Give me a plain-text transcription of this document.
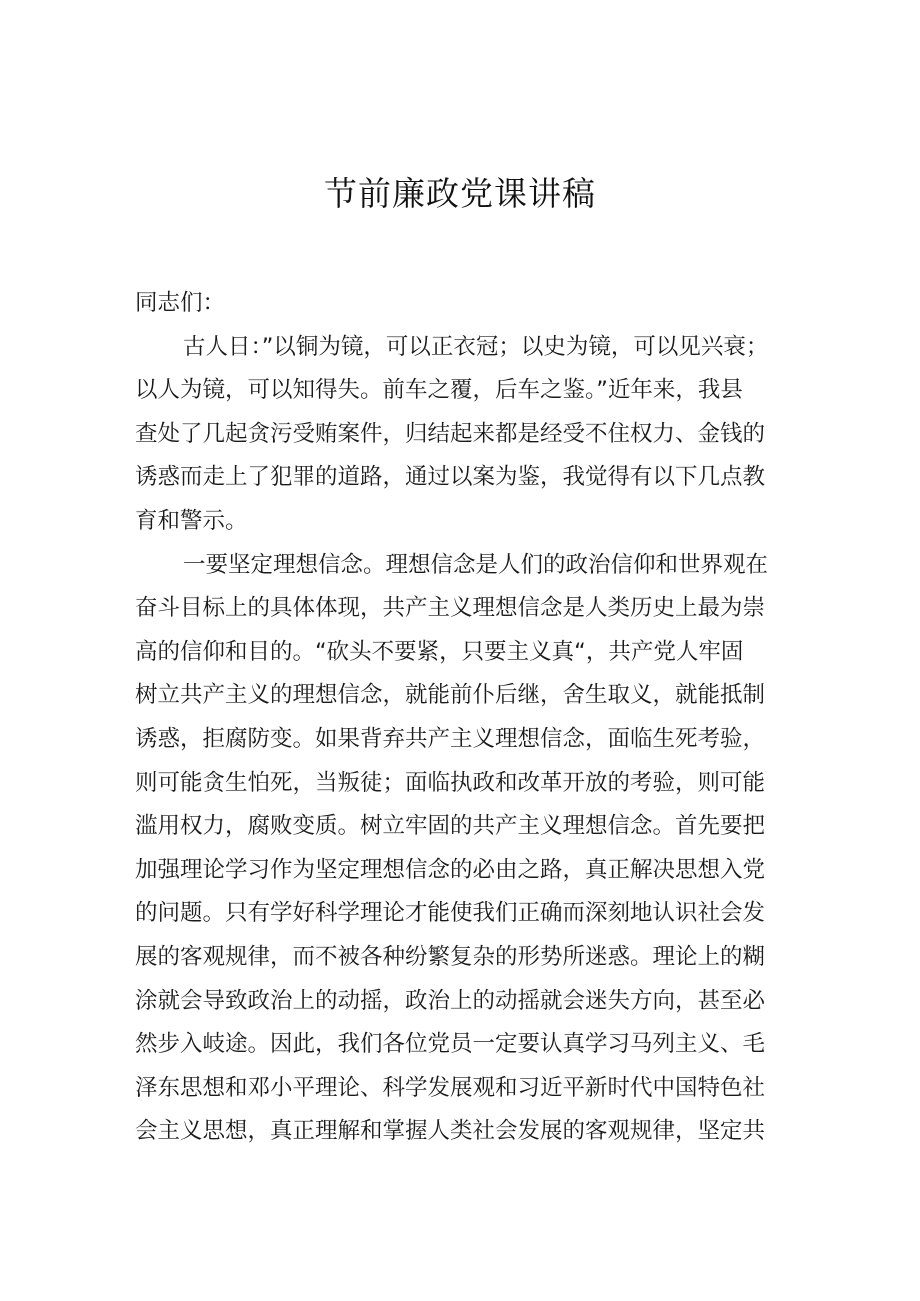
节前廉政党课讲稿
同志们：
古人日：”以铜为镜，可以正衣冠；以史为镜，可以见兴衰；
以人为镜，可以知得失。前车之覆，后车之鉴。”近年来，我县
查处了几起贪污受贿案件，归结起来都是经受不住权力、金钱的
诱惑而走上了犯罪的道路，通过以案为鉴，我觉得有以下几点教
育和警示。
一要坚定理想信念。理想信念是人们的政治信仰和世界观在
奋斗目标上的具体体现，共产主义理想信念是人类历史上最为崇
高的信仰和目的。“砍头不要紧，只要主义真“，共产党人牢固
树立共产主义的理想信念，就能前仆后继，舍生取义，就能抵制
诱惑，拒腐防变。如果背弃共产主义理想信念，面临生死考验，
则可能贪生怕死，当叛徒；面临执政和改革开放的考验，则可能
滥用权力，腐败变质。树立牢固的共产主义理想信念。首先要把
加强理论学习作为坚定理想信念的必由之路，真正解决思想入党
的问题。只有学好科学理论才能使我们正确而深刻地认识社会发
展的客观规律，而不被各种纷繁复杂的形势所迷惑。理论上的糊
涂就会导致政治上的动摇，政治上的动摇就会迷失方向，甚至必
然步入岐途。因此，我们各位党员一定要认真学习马列主义、毛
泽东思想和邓小平理论、科学发展观和习近平新时代中国特色社
会主义思想，真正理解和掌握人类社会发展的客观规律，坚定共
